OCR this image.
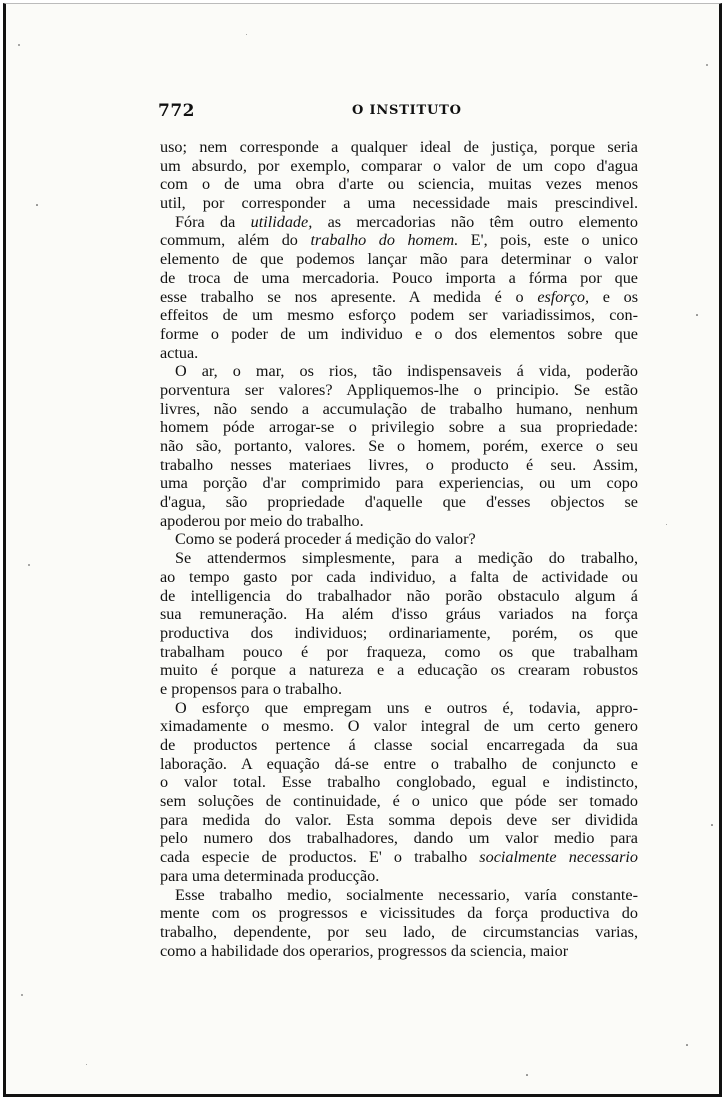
772	O INSTITUTO
uso; nem corresponde a qualquer ideal de justiça, porque seria
um absurdo, por exemplo, comparar o valor de um copo d'agua
com o de uma obra d'arte ou sciencia, muitas vezes menos
util, por corresponder a uma necessidade mais prescindivel.
Fóra da utilidade, as mercadorias não têm outro elemento
commum, além do trabalho do homem. E', pois, este o unico
elemento de que podemos lançar mão para determinar o valor
de troca de uma mercadoria. Pouco importa a fórma por que
esse trabalho se nos apresente. A medida é o esforço, e os
effeitos de um mesmo esforço podem ser variadissimos, con-
forme o poder de um individuo e o dos elementos sobre que
actua.
O ar, o mar, os rios, tão indispensaveis á vida, poderão
porventura ser valores? Appliquemos-lhe o principio. Se estão
livres, não sendo a accumulação de trabalho humano, nenhum
homem póde arrogar-se o privilegio sobre a sua propriedade:
não são, portanto, valores. Se o homem, porém, exerce o seu
trabalho nesses materiaes livres, o producto é seu. Assim,
uma porção d'ar comprimido para experiencias, ou um copo
d'agua, são propriedade d'aquelle que d'esses objectos se
apoderou por meio do trabalho.
Como se poderá proceder á medição do valor?
Se attendermos simplesmente, para a medição do trabalho,
ao tempo gasto por cada individuo, a falta de actividade ou
de intelligencia do trabalhador não porão obstaculo algum á
sua remuneração. Ha além d'isso gráus variados na força
productiva dos individuos; ordinariamente, porém, os que
trabalham pouco é por fraqueza, como os que trabalham
muito é porque a natureza e a educação os crearam robustos
e propensos para o trabalho.
O esforço que empregam uns e outros é, todavia, appro-
ximadamente o mesmo. O valor integral de um certo genero
de productos pertence á classe social encarregada da sua
laboração. A equação dá-se entre o trabalho de conjuncto e
o valor total. Esse trabalho conglobado, egual e indistincto,
sem soluções de continuidade, é o unico que póde ser tomado
para medida do valor. Esta somma depois deve ser dividida
pelo numero dos trabalhadores, dando um valor medio para
cada especie de productos. E' o trabalho socialmente necessario
para uma determinada producção.
Esse trabalho medio, socialmente necessario, varía constante-
mente com os progressos e vicissitudes da força productiva do
trabalho, dependente, por seu lado, de circumstancias varias,
como a habilidade dos operarios, progressos da sciencia, maior
